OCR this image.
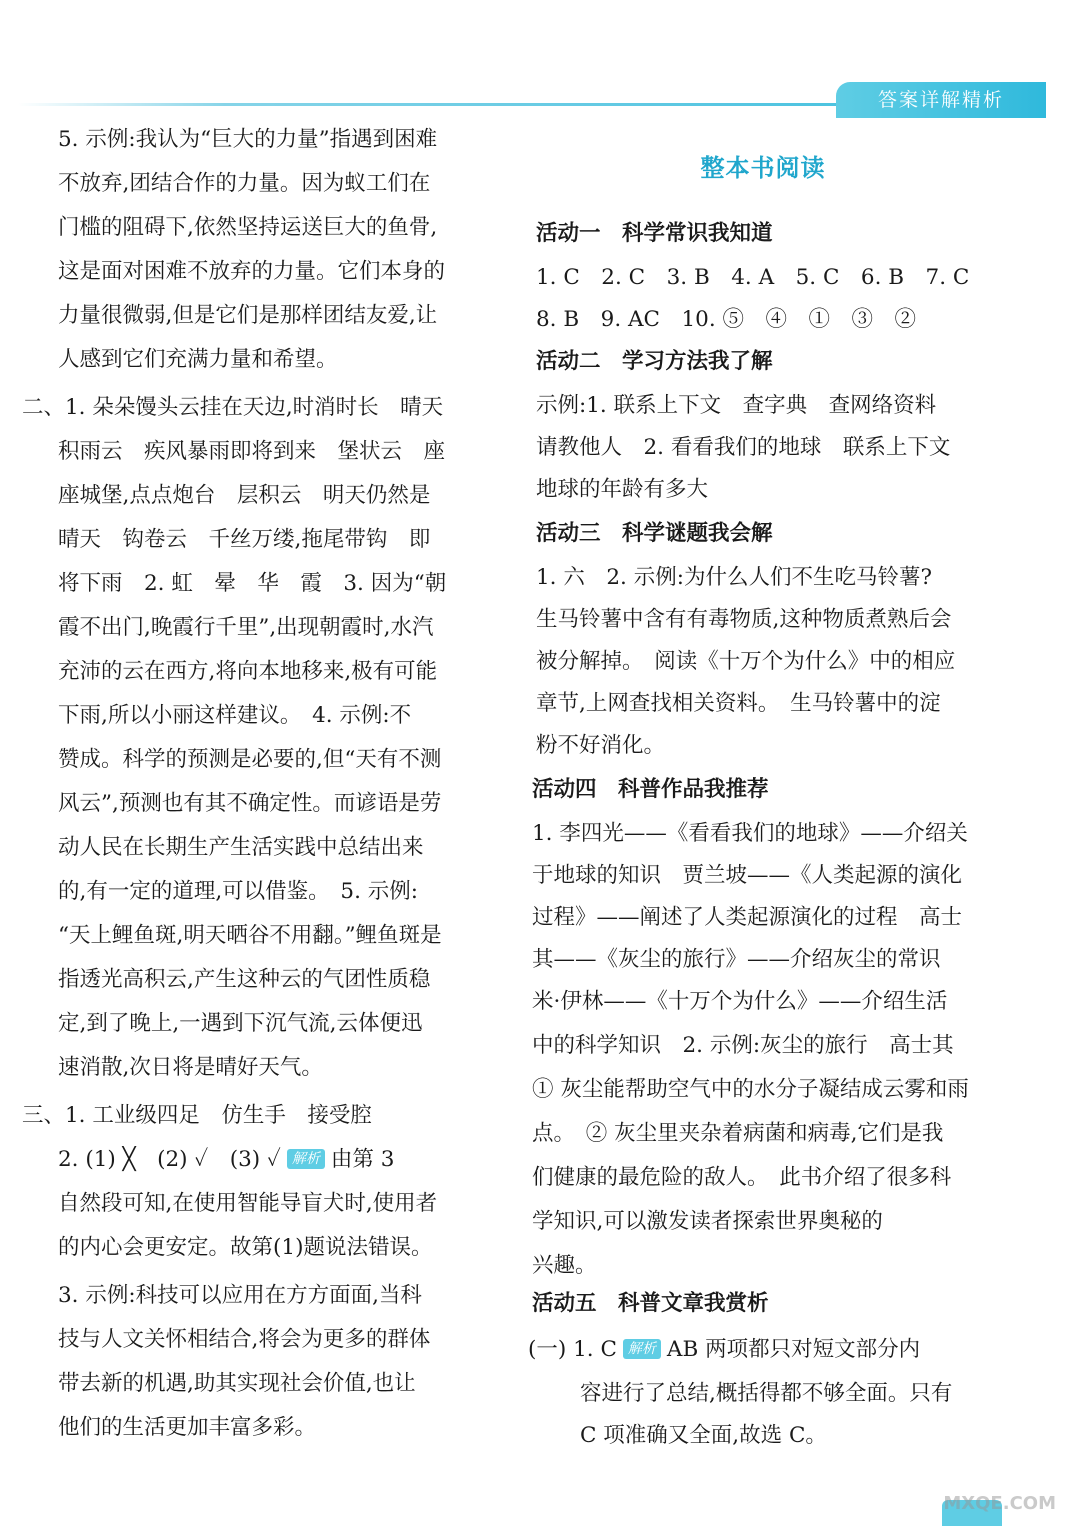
答案详解精析
5. 示例:我认为“巨大的力量”指遇到困难
不放弃,团结合作的力量。因为蚁工们在
门槛的阻碍下,依然坚持运送巨大的鱼骨,
这是面对困难不放弃的力量。它们本身的
力量很微弱,但是它们是那样团结友爱,让
人感到它们充满力量和希望。
二、1. 朵朵馒头云挂在天边,时消时长　晴天
积雨云　疾风暴雨即将到来　堡状云　座
座城堡,点点炮台　层积云　明天仍然是
晴天　钩卷云　千丝万缕,拖尾带钩　即
将下雨　2. 虹　晕　华　霞　3. 因为“朝
霞不出门,晚霞行千里”,出现朝霞时,水汽
充沛的云在西方,将向本地移来,极有可能
下雨,所以小丽这样建议。　4. 示例:不
赞成。科学的预测是必要的,但“天有不测
风云”,预测也有其不确定性。而谚语是劳
动人民在长期生产生活实践中总结出来
的,有一定的道理,可以借鉴。　5. 示例:
“天上鲤鱼斑,明天晒谷不用翻。”鲤鱼斑是
指透光高积云,产生这种云的气团性质稳
定,到了晚上,一遇到下沉气流,云体便迅
速消散,次日将是晴好天气。
三、1. 工业级四足　仿生手　接受腔
2. (1) ╳　(2) ✓　(3) ✓ 解析 由第 3
自然段可知,在使用智能导盲犬时,使用者
的内心会更安定。故第(1)题说法错误。
3. 示例:科技可以应用在方方面面,当科
技与人文关怀相结合,将会为更多的群体
带去新的机遇,助其实现社会价值,也让
他们的生活更加丰富多彩。
整本书阅读
活动一　科学常识我知道
1. C　2. C　3. B　4. A　5. C　6. B　7. C
8. B　9. AC　10. ⑤　④　①　③　②
活动二　学习方法我了解
示例:1. 联系上下文　查字典　查网络资料
请教他人　2. 看看我们的地球　联系上下文
地球的年龄有多大
活动三　科学谜题我会解
1. 六　2. 示例:为什么人们不生吃马铃薯?
生马铃薯中含有有毒物质,这种物质煮熟后会
被分解掉。　阅读《十万个为什么》中的相应
章节,上网查找相关资料。　生马铃薯中的淀
粉不好消化。
活动四　科普作品我推荐
1. 李四光——《看看我们的地球》——介绍关
于地球的知识　贾兰坡——《人类起源的演化
过程》——阐述了人类起源演化的过程　高士
其——《灰尘的旅行》——介绍灰尘的常识
米·伊林——《十万个为什么》——介绍生活
中的科学知识　2. 示例:灰尘的旅行　高士其
① 灰尘能帮助空气中的水分子凝结成云雾和雨
点。　② 灰尘里夹杂着病菌和病毒,它们是我
们健康的最危险的敌人。　此书介绍了很多科
学知识,可以激发读者探索世界奥秘的
兴趣。
活动五　科普文章我赏析
(一) 1. C 解析 AB 两项都只对短文部分内
容进行了总结,概括得都不够全面。只有
C 项准确又全面,故选 C。
MXQE.COM
